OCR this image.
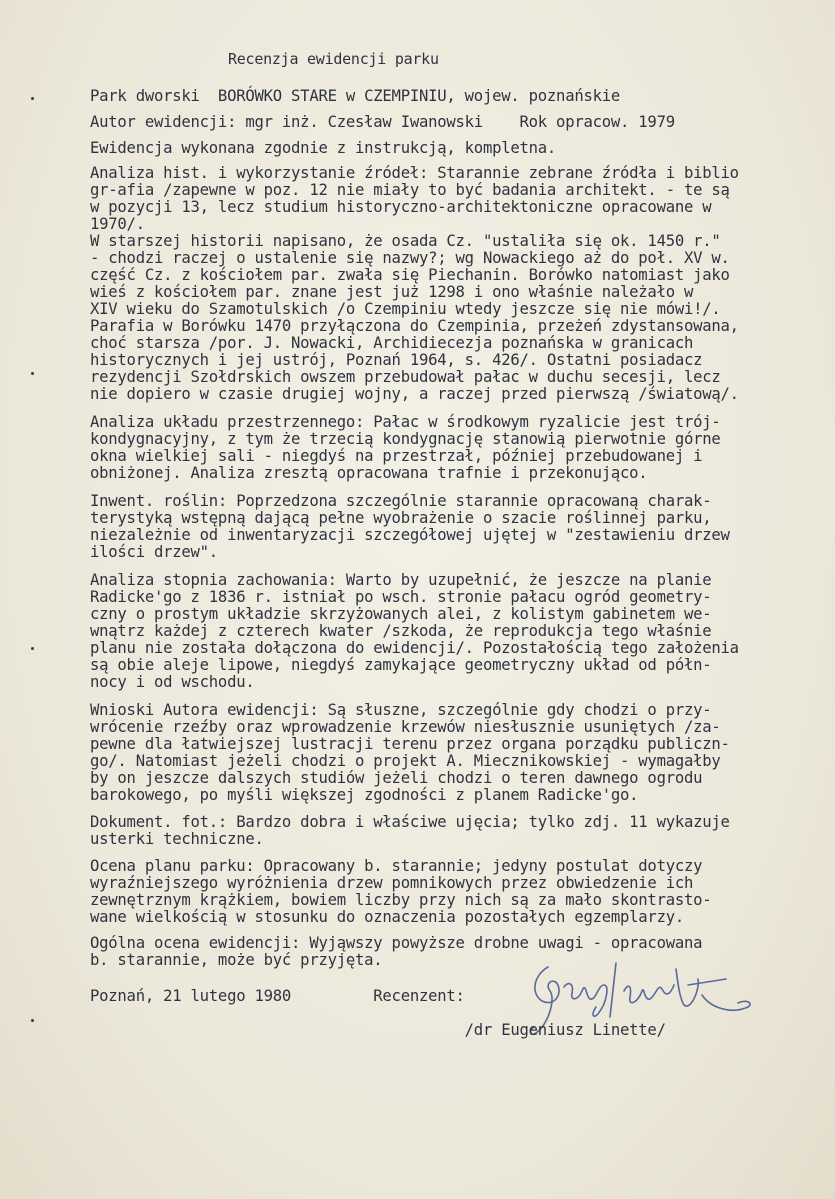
Recenzja ewidencji parku
Park dworski  BORÓWKO STARE w CZEMPINIU, wojew. poznańskie
Autor ewidencji: mgr inż. Czesław Iwanowski    Rok opracow. 1979
Ewidencja wykonana zgodnie z instrukcją, kompletna.
Analiza hist. i wykorzystanie źródeł: Starannie zebrane źródła i biblio
gr-afia /zapewne w poz. 12 nie miały to być badania architekt. - te są
w pozycji 13, lecz studium historyczno-architektoniczne opracowane w
1970/.
W starszej historii napisano, że osada Cz. "ustaliła się ok. 1450 r."
- chodzi raczej o ustalenie się nazwy?; wg Nowackiego aż do poł. XV w.
część Cz. z kościołem par. zwała się Piechanin. Borówko natomiast jako
wieś z kościołem par. znane jest już 1298 i ono właśnie należało w
XIV wieku do Szamotulskich /o Czempiniu wtedy jeszcze się nie mówi!/.
Parafia w Borówku 1470 przyłączona do Czempinia, przeżeń zdystansowana,
choć starsza /por. J. Nowacki, Archidiecezja poznańska w granicach
historycznych i jej ustrój, Poznań 1964, s. 426/. Ostatni posiadacz
rezydencji Szołdrskich owszem przebudował pałac w duchu secesji, lecz
nie dopiero w czasie drugiej wojny, a raczej przed pierwszą /światową/.
Analiza układu przestrzennego: Pałac w środkowym ryzalicie jest trój-
kondygnacyjny, z tym że trzecią kondygnację stanowią pierwotnie górne
okna wielkiej sali - niegdyś na przestrzał, później przebudowanej i
obniżonej. Analiza zresztą opracowana trafnie i przekonująco.
Inwent. roślin: Poprzedzona szczególnie starannie opracowaną charak-
terystyką wstępną dającą pełne wyobrażenie o szacie roślinnej parku,
niezależnie od inwentaryzacji szczegółowej ujętej w "zestawieniu drzew
ilości drzew".
Analiza stopnia zachowania: Warto by uzupełnić, że jeszcze na planie
Radicke'go z 1836 r. istniał po wsch. stronie pałacu ogród geometry-
czny o prostym układzie skrzyżowanych alei, z kolistym gabinetem we-
wnątrz każdej z czterech kwater /szkoda, że reprodukcja tego właśnie
planu nie została dołączona do ewidencji/. Pozostałością tego założenia
są obie aleje lipowe, niegdyś zamykające geometryczny układ od półn-
nocy i od wschodu.
Wnioski Autora ewidencji: Są słuszne, szczególnie gdy chodzi o przy-
wrócenie rzeźby oraz wprowadzenie krzewów niesłusznie usuniętych /za-
pewne dla łatwiejszej lustracji terenu przez organa porządku publiczn-
go/. Natomiast jeżeli chodzi o projekt A. Miecznikowskiej - wymagałby
by on jeszcze dalszych studiów jeżeli chodzi o teren dawnego ogrodu
barokowego, po myśli większej zgodności z planem Radicke'go.
Dokument. fot.: Bardzo dobra i właściwe ujęcia; tylko zdj. 11 wykazuje
usterki techniczne.
Ocena planu parku: Opracowany b. starannie; jedyny postulat dotyczy
wyraźniejszego wyróżnienia drzew pomnikowych przez obwiedzenie ich
zewnętrznym krążkiem, bowiem liczby przy nich są za mało skontrasto-
wane wielkością w stosunku do oznaczenia pozostałych egzemplarzy.
Ogólna ocena ewidencji: Wyjąwszy powyższe drobne uwagi - opracowana
b. starannie, może być przyjęta.
Poznań, 21 lutego 1980         Recenzent:
/dr Eugeniusz Linette/
